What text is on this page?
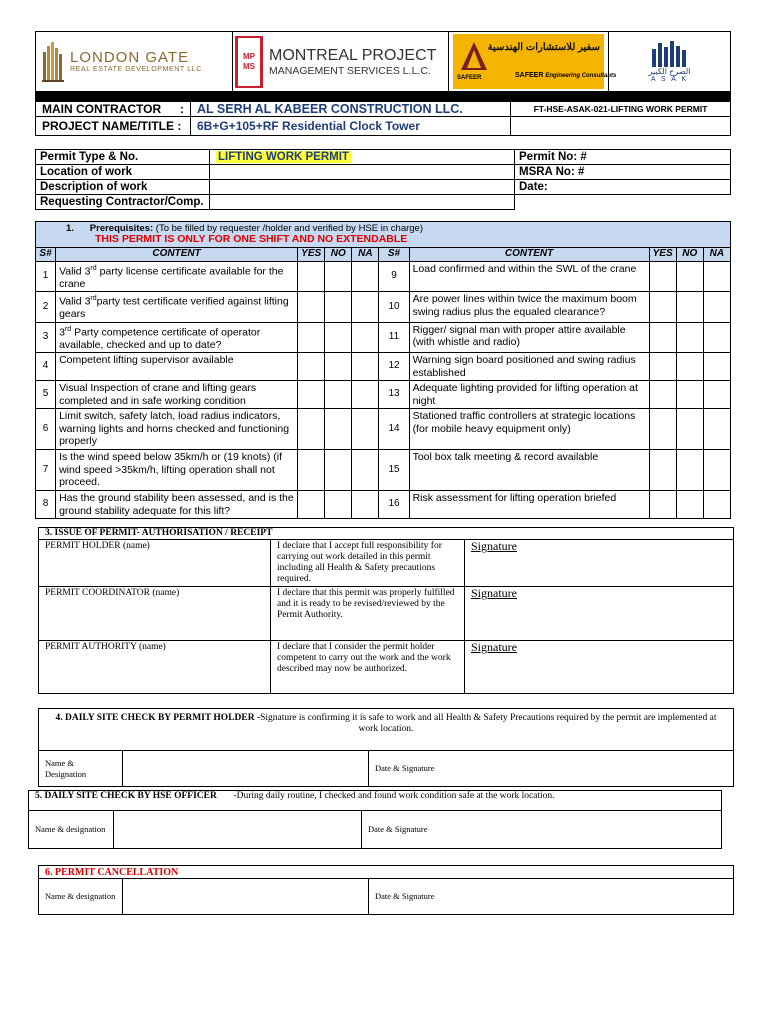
LONDON GATE
REAL ESTATE DEVELOPMENT LLC
MPMS
MONTREAL PROJECT
MANAGEMENT SERVICES L.L.C.
SAFEER
سفير للاستشارات الهندسية
SAFEER Engineering Consultants
الصرح الكبير
A S A K
MAIN CONTRACTOR :	AL SERH AL KABEER CONSTRUCTION LLC.	FT-HSE-ASAK-021-LIFTING WORK PERMIT
PROJECT NAME/TITLE :	6B+G+105+RF Residential Clock Tower	
Permit Type & No.	LIFTING WORK PERMIT	Permit No: #
Location of work		MSRA No: #
Description of work		Date:
Requesting Contractor/Comp.		
1. Prerequisites: (To be filled by requester /holder and verified by HSE in charge)
THIS PERMIT IS ONLY FOR ONE SHIFT AND NO EXTENDABLE									

S#	CONTENT	YES	NO	NA	S#	CONTENT	YES	NO	NA
1	Valid 3rd party license certificate available for the crane				9	Load confirmed and within the SWL of the crane			
2	Valid 3rdparty test certificate verified against lifting gears				10	Are power lines within twice the maximum boom swing radius plus the equaled clearance?			
3	3rd Party competence certificate of operator available, checked and up to date?				11	Rigger/ signal man with proper attire available (with whistle and radio)			
4	Competent lifting supervisor available				12	Warning sign board positioned and swing radius established			
5	Visual Inspection of crane and lifting gears completed and in safe working condition				13	Adequate lighting provided for lifting operation at night			
6	Limit switch, safety latch, load radius indicators, warning lights and horns checked and functioning properly				14	Stationed traffic controllers at strategic locations (for mobile heavy equipment only)			
7	Is the wind speed below 35km/h or (19 knots) (if wind speed >35km/h, lifting operation shall not proceed.				15	Tool box talk meeting & record available			
8	Has the ground stability been assessed, and is the ground stability adequate for this lift?				16	Risk assessment for lifting operation briefed			
3. ISSUE OF PERMIT- AUTHORISATION / RECEIPT		
PERMIT HOLDER (name)	I declare that I accept full responsibility for carrying out work detailed in this permit including all Health & Safety precautions required.	Signature
PERMIT COORDINATOR (name)	I declare that this permit was properly fulfilled and it is ready to be revised/reviewed by the Permit Authority.	Signature
PERMIT AUTHORITY (name)	I declare that I consider the permit holder competent to carry out the work and the work described may now be authorized.	Signature
4. DAILY SITE CHECK BY PERMIT HOLDER -Signature is confirming it is safe to work and all Health & Safety Precautions required by the permit are implemented at work location.
Name & Designation		Date & Signature
5. DAILY SITE CHECK BY HSE OFFICER -During daily routine, I checked and found work condition safe at the work location.
Name & designation		Date & Signature
6. PERMIT CANCELLATION
Name & designation		Date & Signature
